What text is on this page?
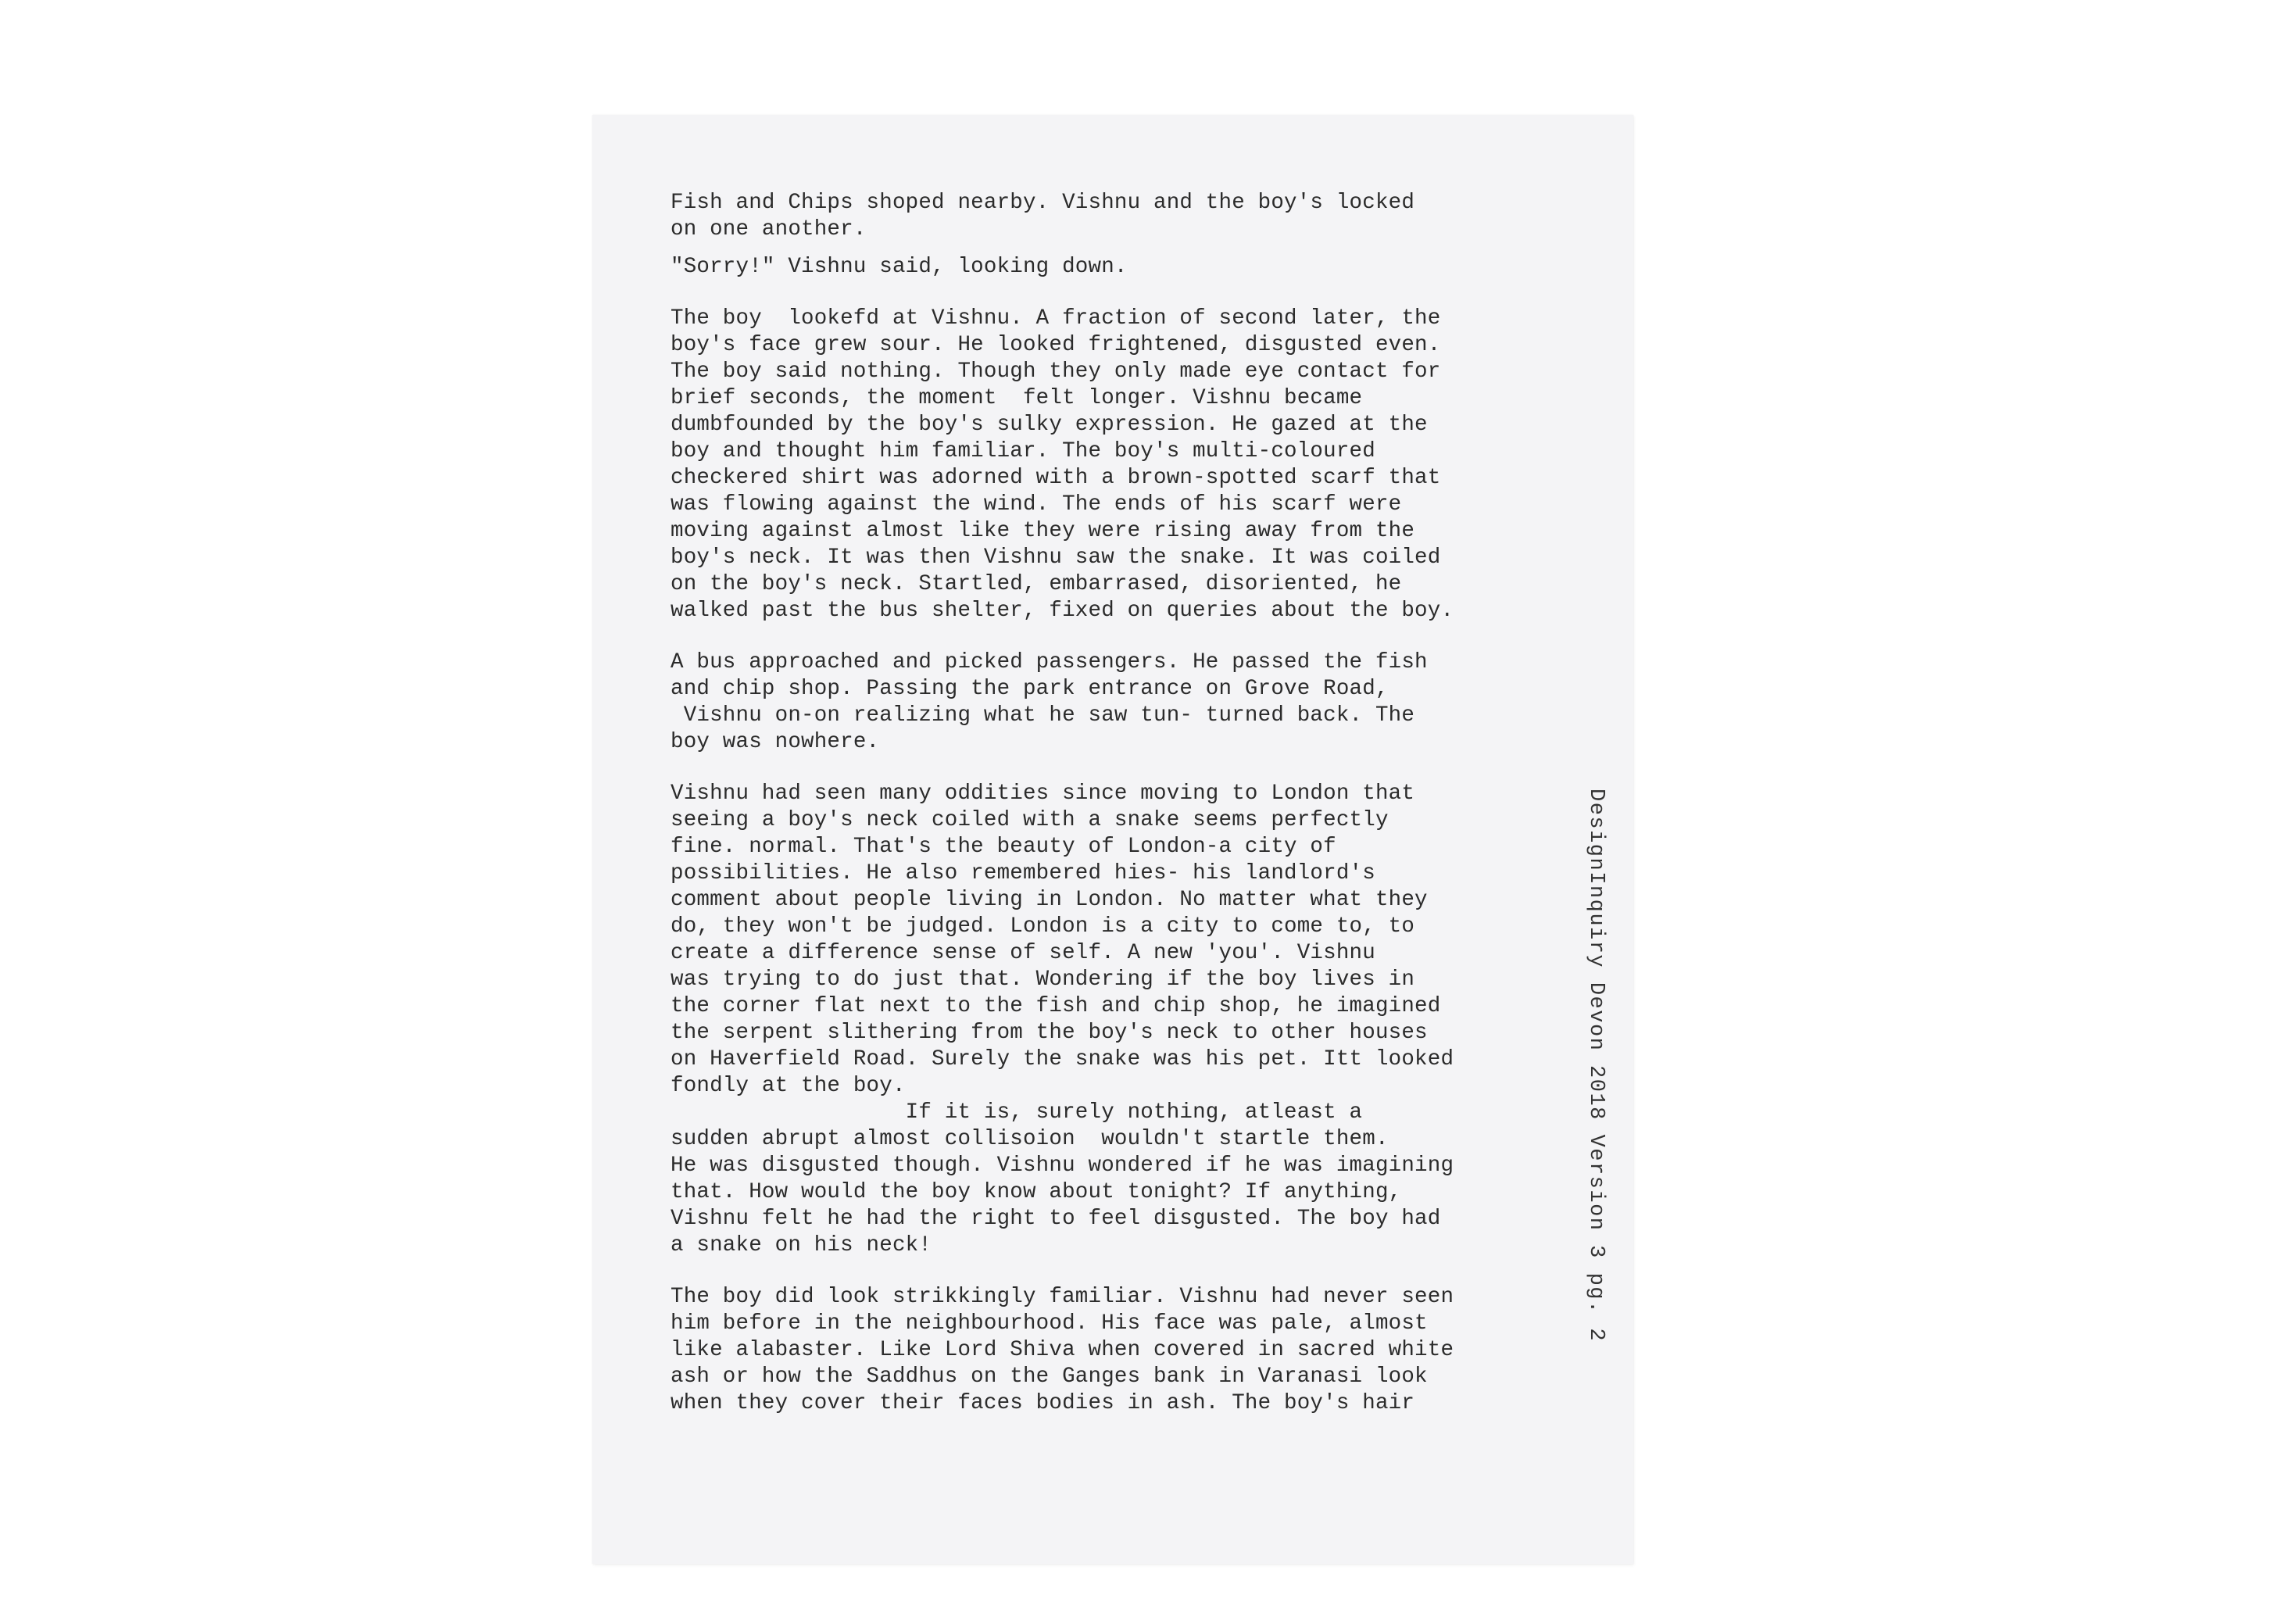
Fish and Chips shoped nearby. Vishnu and the boy's locked
on one another.

"Sorry!" Vishnu said, looking down.

The boy  lookefd at Vishnu. A fraction of second later, the
boy's face grew sour. He looked frightened, disgusted even.
The boy said nothing. Though they only made eye contact for
brief seconds, the moment  felt longer. Vishnu became
dumbfounded by the boy's sulky expression. He gazed at the
boy and thought him familiar. The boy's multi-coloured
checkered shirt was adorned with a brown-spotted scarf that
was flowing against the wind. The ends of his scarf were
moving against almost like they were rising away from the
boy's neck. It was then Vishnu saw the snake. It was coiled
on the boy's neck. Startled, embarrased, disoriented, he
walked past the bus shelter, fixed on queries about the boy.

A bus approached and picked passengers. He passed the fish
and chip shop. Passing the park entrance on Grove Road,
Vishnu on-on realizing what he saw tun- turned back. The
boy was nowhere.

Vishnu had seen many oddities since moving to London that
seeing a boy's neck coiled with a snake seems perfectly
fine. normal. That's the beauty of London-a city of
possibilities. He also remembered hies- his landlord's
comment about people living in London. No matter what they
do, they won't be judged. London is a city to come to, to
create a difference sense of self. A new 'you'. Vishnu
was trying to do just that. Wondering if the boy lives in
the corner flat next to the fish and chip shop, he imagined
the serpent slithering from the boy's neck to other houses
on Haverfield Road. Surely the snake was his pet. Itt looked
fondly at the boy.
If it is, surely nothing, atleast a
sudden abrupt almost collisoion  wouldn't startle them.
He was disgusted though. Vishnu wondered if he was imagining
that. How would the boy know about tonight? If anything,
Vishnu felt he had the right to feel disgusted. The boy had
a snake on his neck!

The boy did look strikkingly familiar. Vishnu had never seen
him before in the neighbourhood. His face was pale, almost
like alabaster. Like Lord Shiva when covered in sacred white
ash or how the Saddhus on the Ganges bank in Varanasi look
when they cover their faces bodies in ash. The boy's hair

DesignInquiry Devon 2018 Version 3 pg. 2
